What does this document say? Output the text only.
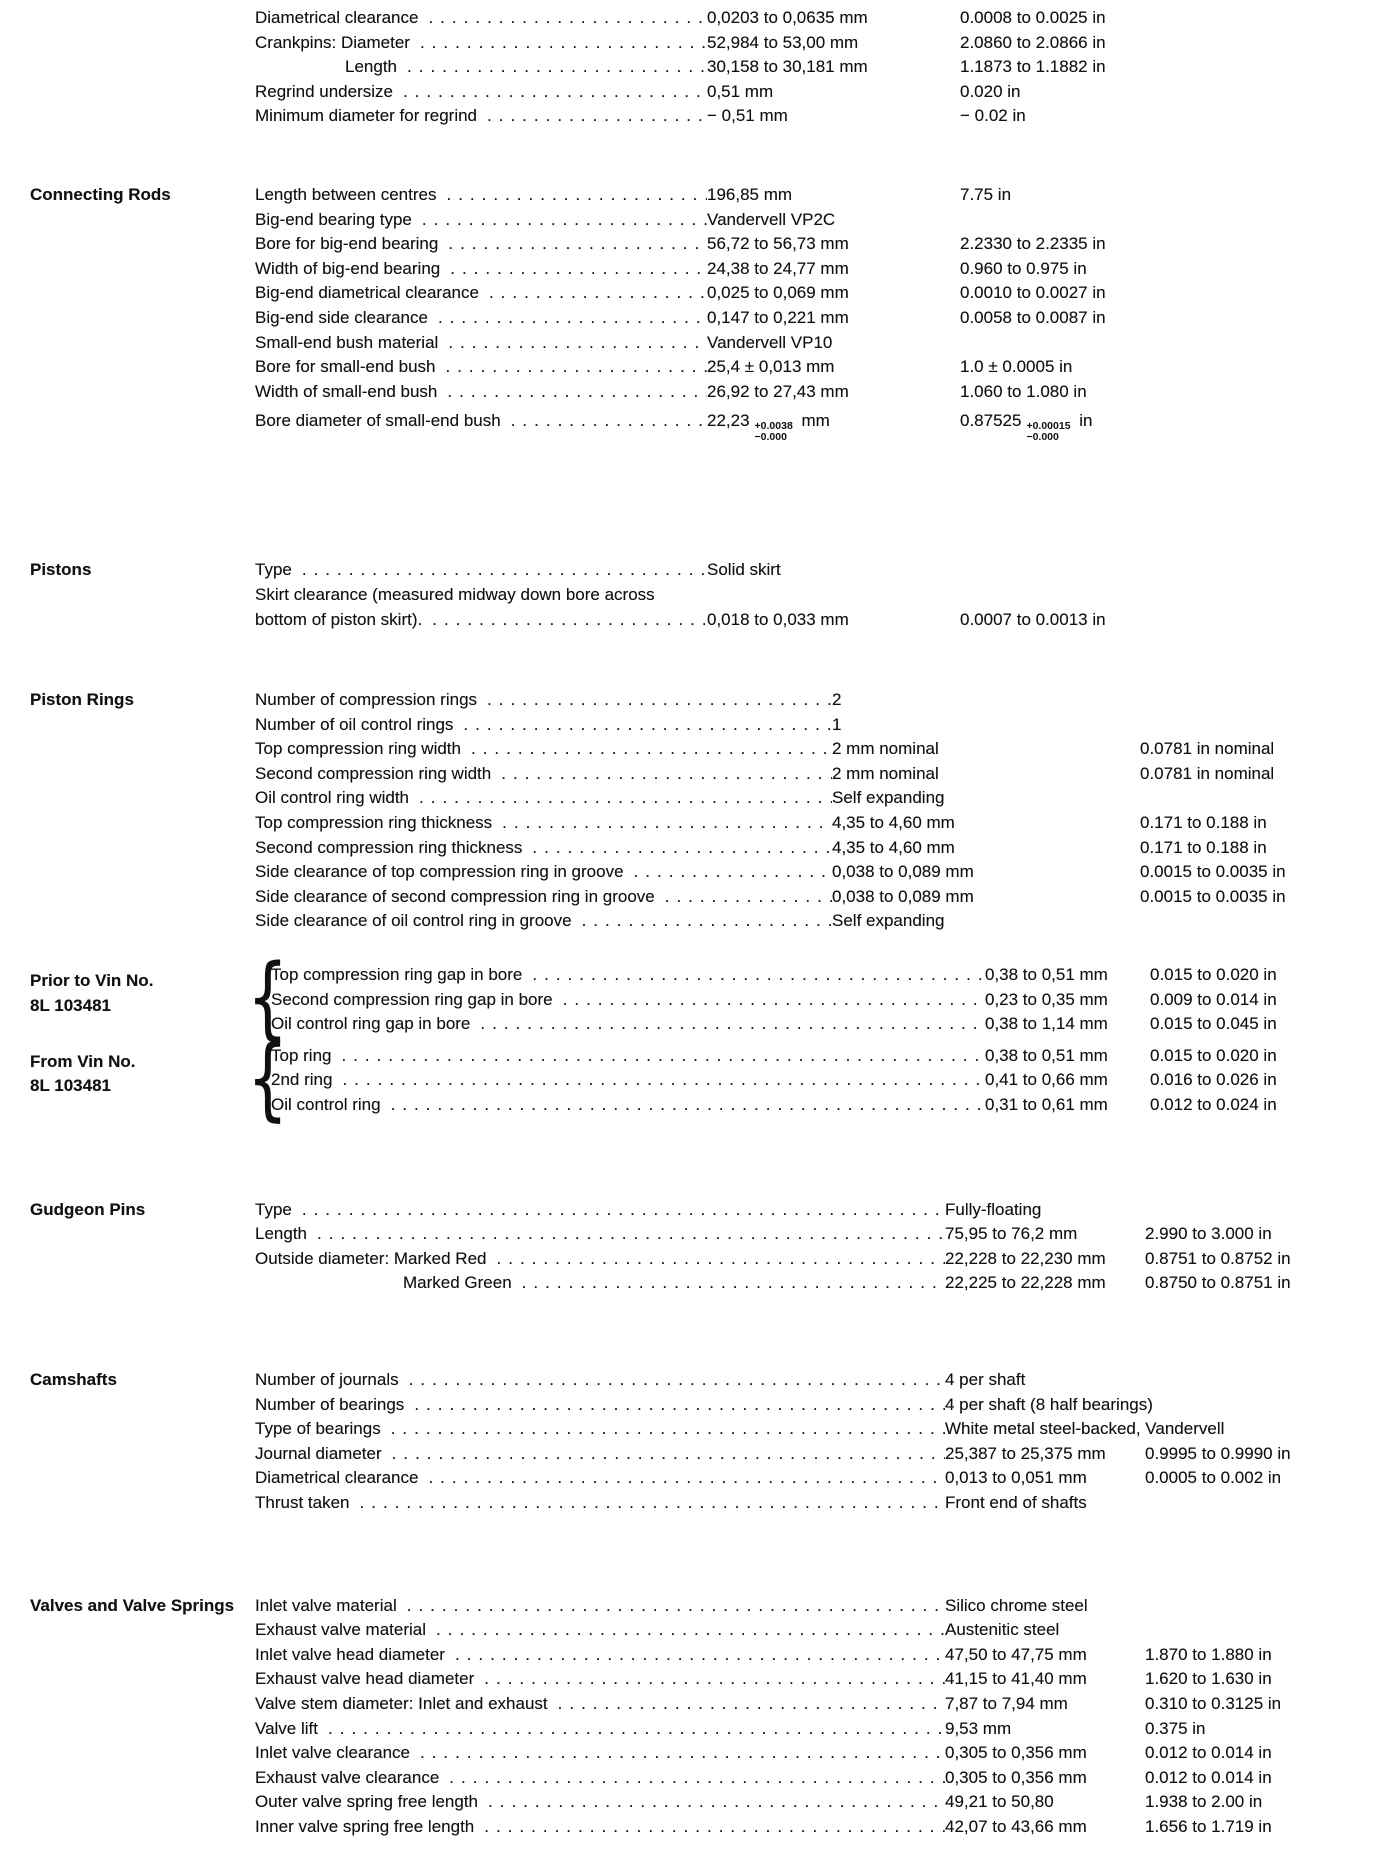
Diametrical clearance .....	0,0203 to 0,0635 mm	0.0008 to 0.0025 in
Crankpins: Diameter .....	52,984 to 53,00 mm	2.0860 to 2.0866 in
Length .....	30,158 to 30,181 mm	1.1873 to 1.1882 in
Regrind undersize .....	0,51 mm	0.020 in
Minimum diameter for regrind .....	− 0,51 mm	− 0.02 in
Connecting Rods	Length between centres .....	196,85 mm	7.75 in
Big-end bearing type .....	Vandervell VP2C
Bore for big-end bearing .....	56,72 to 56,73 mm	2.2330 to 2.2335 in
Width of big-end bearing .....	24,38 to 24,77 mm	0.960 to 0.975 in
Big-end diametrical clearance .....	0,025 to 0,069 mm	0.0010 to 0.0027 in
Big-end side clearance .....	0,147 to 0,221 mm	0.0058 to 0.0087 in
Small-end bush material .....	Vandervell VP10
Bore for small-end bush .....	25,4 ± 0,013 mm	1.0 ± 0.0005 in
Width of small-end bush .....	26,92 to 27,43 mm	1.060 to 1.080 in
Bore diameter of small-end bush .....	22,23 +0.0038
−0.000
mm	0.87525 +0.00015
−0.000
in
Pistons	Type .....	Solid skirt
Skirt clearance (measured midway down bore across
bottom of piston skirt). .....	0,018 to 0,033 mm	0.0007 to 0.0013 in
Piston Rings	Number of compression rings .....	2
Number of oil control rings .....	1
Top compression ring width .....	2 mm nominal	0.0781 in nominal
Second compression ring width .....	2 mm nominal	0.0781 in nominal
Oil control ring width .....	Self expanding
Top compression ring thickness .....	4,35 to 4,60 mm	0.171 to 0.188 in
Second compression ring thickness .....	4,35 to 4,60 mm	0.171 to 0.188 in
Side clearance of top compression ring in groove .....	0,038 to 0,089 mm	0.0015 to 0.0035 in
Side clearance of second compression ring in groove .....	0,038 to 0,089 mm	0.0015 to 0.0035 in
Side clearance of oil control ring in groove .....	Self expanding
Prior to Vin No.
8L 103481	{
Top compression ring gap in bore .....	0,38 to 0,51 mm	0.015 to 0.020 in
Second compression ring gap in bore .....	0,23 to 0,35 mm	0.009 to 0.014 in
Oil control ring gap in bore .....	0,38 to 1,14 mm	0.015 to 0.045 in
From Vin No.
8L 103481	{
Top ring .....	0,38 to 0,51 mm	0.015 to 0.020 in
2nd ring .....	0,41 to 0,66 mm	0.016 to 0.026 in
Oil control ring .....	0,31 to 0,61 mm	0.012 to 0.024 in
Gudgeon Pins	Type .....	Fully-floating
Length .....	75,95 to 76,2 mm	2.990 to 3.000 in
Outside diameter: Marked Red .....	22,228 to 22,230 mm	0.8751 to 0.8752 in
Marked Green .....	22,225 to 22,228 mm	0.8750 to 0.8751 in
Camshafts	Number of journals .....	4 per shaft
Number of bearings .....	4 per shaft (8 half bearings)
Type of bearings .....	White metal steel-backed, Vandervell
Journal diameter .....	25,387 to 25,375 mm	0.9995 to 0.9990 in
Diametrical clearance .....	0,013 to 0,051 mm	0.0005 to 0.002 in
Thrust taken .....	Front end of shafts
Valves and Valve Springs	Inlet valve material .....	Silico chrome steel
Exhaust valve material .....	Austenitic steel
Inlet valve head diameter .....	47,50 to 47,75 mm	1.870 to 1.880 in
Exhaust valve head diameter .....	41,15 to 41,40 mm	1.620 to 1.630 in
Valve stem diameter: Inlet and exhaust .....	7,87 to 7,94 mm	0.310 to 0.3125 in
Valve lift .....	9,53 mm	0.375 in
Inlet valve clearance .....	0,305 to 0,356 mm	0.012 to 0.014 in
Exhaust valve clearance .....	0,305 to 0,356 mm	0.012 to 0.014 in
Outer valve spring free length .....	49,21 to 50,80	1.938 to 2.00 in
Inner valve spring free length .....	42,07 to 43,66 mm	1.656 to 1.719 in
